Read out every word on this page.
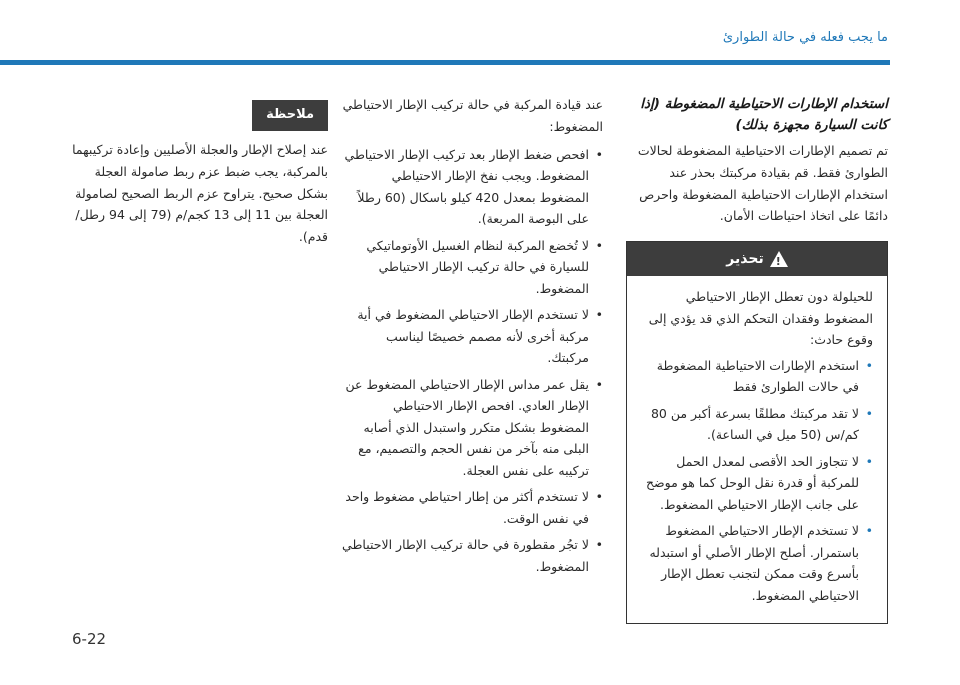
ما يجب فعله في حالة الطوارئ
استخدام الإطارات الاحتياطية المضغوطة (إذا كانت السيارة مجهزة بذلك)

تم تصميم الإطارات الاحتياطية المضغوطة لحالات الطوارئ فقط. قم بقيادة مركبتك بحذر عند استخدام الإطارات الاحتياطية المضغوطة واحرص دائمًا على اتخاذ احتياطات الأمان.

!
تحذير

للحيلولة دون تعطل الإطار الاحتياطي المضغوط وفقدان التحكم الذي قد يؤدي إلى وقوع حادث:

• استخدم الإطارات الاحتياطية المضغوطة في حالات الطوارئ فقط
• لا تقد مركبتك مطلقًا بسرعة أكبر من 80 كم/س (50 ميل في الساعة).
• لا تتجاوز الحد الأقصى لمعدل الحمل للمركبة أو قدرة نقل الوحل كما هو موضح على جانب الإطار الاحتياطي المضغوط.
• لا تستخدم الإطار الاحتياطي المضغوط باستمرار. أصلح الإطار الأصلي أو استبدله بأسرع وقت ممكن لتجنب تعطل الإطار الاحتياطي المضغوط.

عند قيادة المركبة في حالة تركيب الإطار الاحتياطي المضغوط:

• افحص ضغط الإطار بعد تركيب الإطار الاحتياطي المضغوط. ويجب نفخ الإطار الاحتياطي المضغوط بمعدل 420 كيلو باسكال (60 رطلاً على البوصة المربعة).
• لا تُخضع المركبة لنظام الغسيل الأوتوماتيكي للسيارة في حالة تركيب الإطار الاحتياطي المضغوط.
• لا تستخدم الإطار الاحتياطي المضغوط في أية مركبة أخرى لأنه مصمم خصيصًا ليناسب مركبتك.
• يقل عمر مداس الإطار الاحتياطي المضغوط عن الإطار العادي. افحص الإطار الاحتياطي المضغوط بشكل متكرر واستبدل الذي أصابه البلى منه بآخر من نفس الحجم والتصميم، مع تركيبه على نفس العجلة.
• لا تستخدم أكثر من إطار احتياطي مضغوط واحد في نفس الوقت.
• لا تجُر مقطورة في حالة تركيب الإطار الاحتياطي المضغوط.
ملاحظة

عند إصلاح الإطار والعجلة الأصليين وإعادة تركيبهما بالمركبة، يجب ضبط عزم ربط صامولة العجلة بشكل صحيح. يتراوح عزم الربط الصحيح لصامولة العجلة بين 11 إلى 13 كجم/م (79 إلى 94 رطل/قدم).

6-22
